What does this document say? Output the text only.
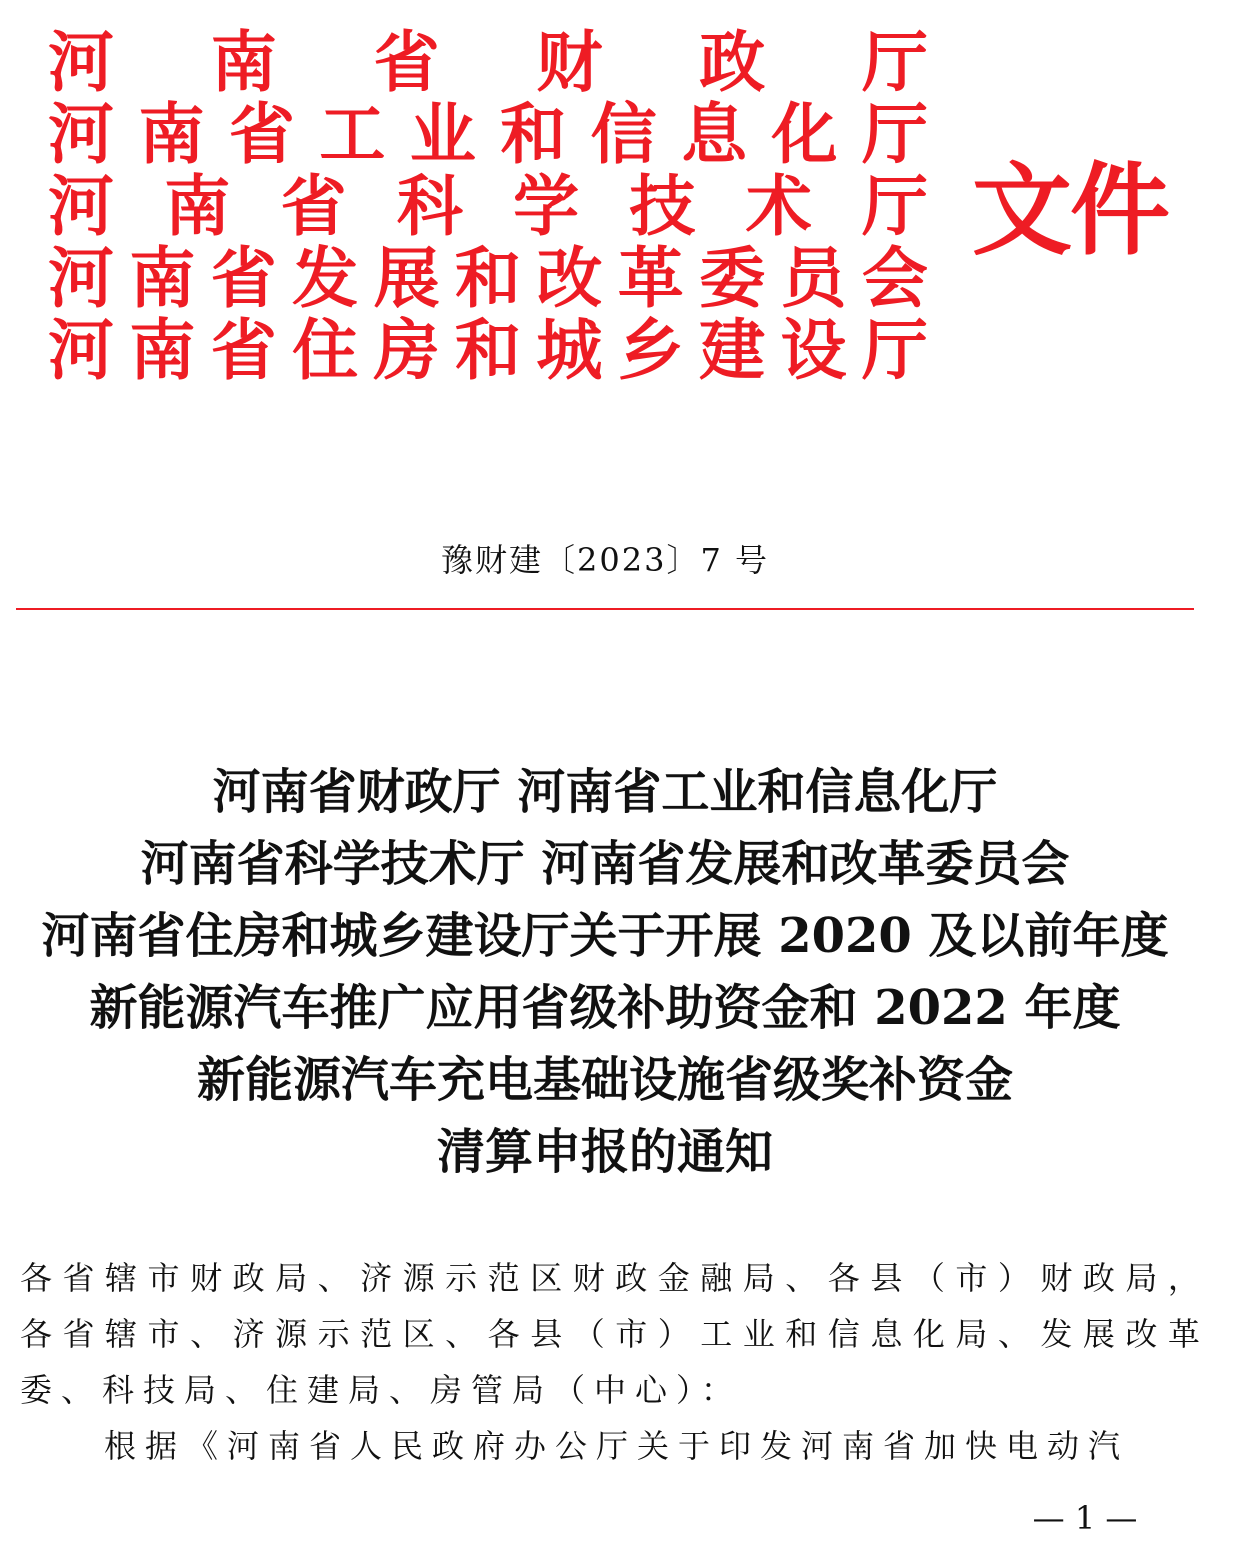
河 南 省 财 政 厅
河 南 省 工 业 和 信 息 化 厅
河 南 省 科 学 技 术 厅
河 南 省 发 展 和 改 革 委 员 会
河 南 省 住 房 和 城 乡 建 设 厅
文件
豫财建〔2023〕7 号
河南省财政厅 河南省工业和信息化厅
河南省科学技术厅 河南省发展和改革委员会
河南省住房和城乡建设厅关于开展 2020 及以前年度
新能源汽车推广应用省级补助资金和 2022 年度
新能源汽车充电基础设施省级奖补资金
清算申报的通知
各 省 辖 市 财 政 局 、 济 源 示 范 区 财 政 金 融 局 、 各 县 （ 市 ） 财 政 局 ，
各 省 辖 市 、 济 源 示 范 区 、 各 县 （ 市 ） 工 业 和 信 息 化 局 、 发 展 改 革
委、科技局、住建局、房管局（中心）：
根据《河南省人民政府办公厅关于印发河南省加快电动汽
— 1 —
